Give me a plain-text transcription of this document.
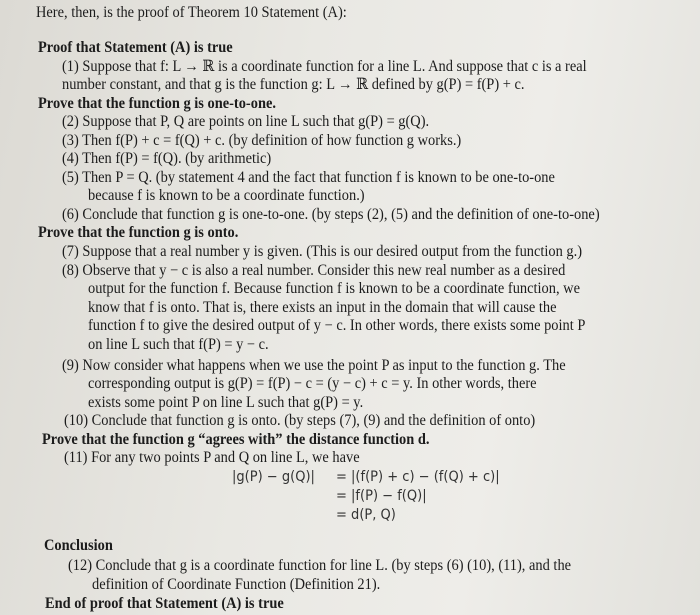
Here, then, is the proof of Theorem 10 Statement (A):
Proof that Statement (A) is true
(1) Suppose that f: L → ℝ is a coordinate function for a line L. And suppose that c is a real
number constant, and that g is the function g: L → ℝ defined by g(P) = f(P) + c.
Prove that the function g is one-to-one.
(2) Suppose that P, Q are points on line L such that g(P) = g(Q).
(3) Then f(P) + c = f(Q) + c. (by definition of how function g works.)
(4) Then f(P) = f(Q). (by arithmetic)
(5) Then P = Q. (by statement 4 and the fact that function f is known to be one-to-one
because f is known to be a coordinate function.)
(6) Conclude that function g is one-to-one. (by steps (2), (5) and the definition of one-to-one)
Prove that the function g is onto.
(7) Suppose that a real number y is given. (This is our desired output from the function g.)
(8) Observe that y − c is also a real number. Consider this new real number as a desired
output for the function f. Because function f is known to be a coordinate function, we
know that f is onto. That is, there exists an input in the domain that will cause the
function f to give the desired output of y − c. In other words, there exists some point P
on line L such that f(P) = y − c.
(9) Now consider what happens when we use the point P as input to the function g. The
corresponding output is g(P) = f(P) − c = (y − c) + c = y. In other words, there
exists some point P on line L such that g(P) = y.
(10) Conclude that function g is onto. (by steps (7), (9) and the definition of onto)
Prove that the function g “agrees with” the distance function d.
(11) For any two points P and Q on line L, we have
|g(P) − g(Q)| = |(f(P) + c) − (f(Q) + c)|
= |f(P) − f(Q)|
= d(P, Q)
Conclusion
(12) Conclude that g is a coordinate function for line L. (by steps (6) (10), (11), and the
definition of Coordinate Function (Definition 21).
End of proof that Statement (A) is true
